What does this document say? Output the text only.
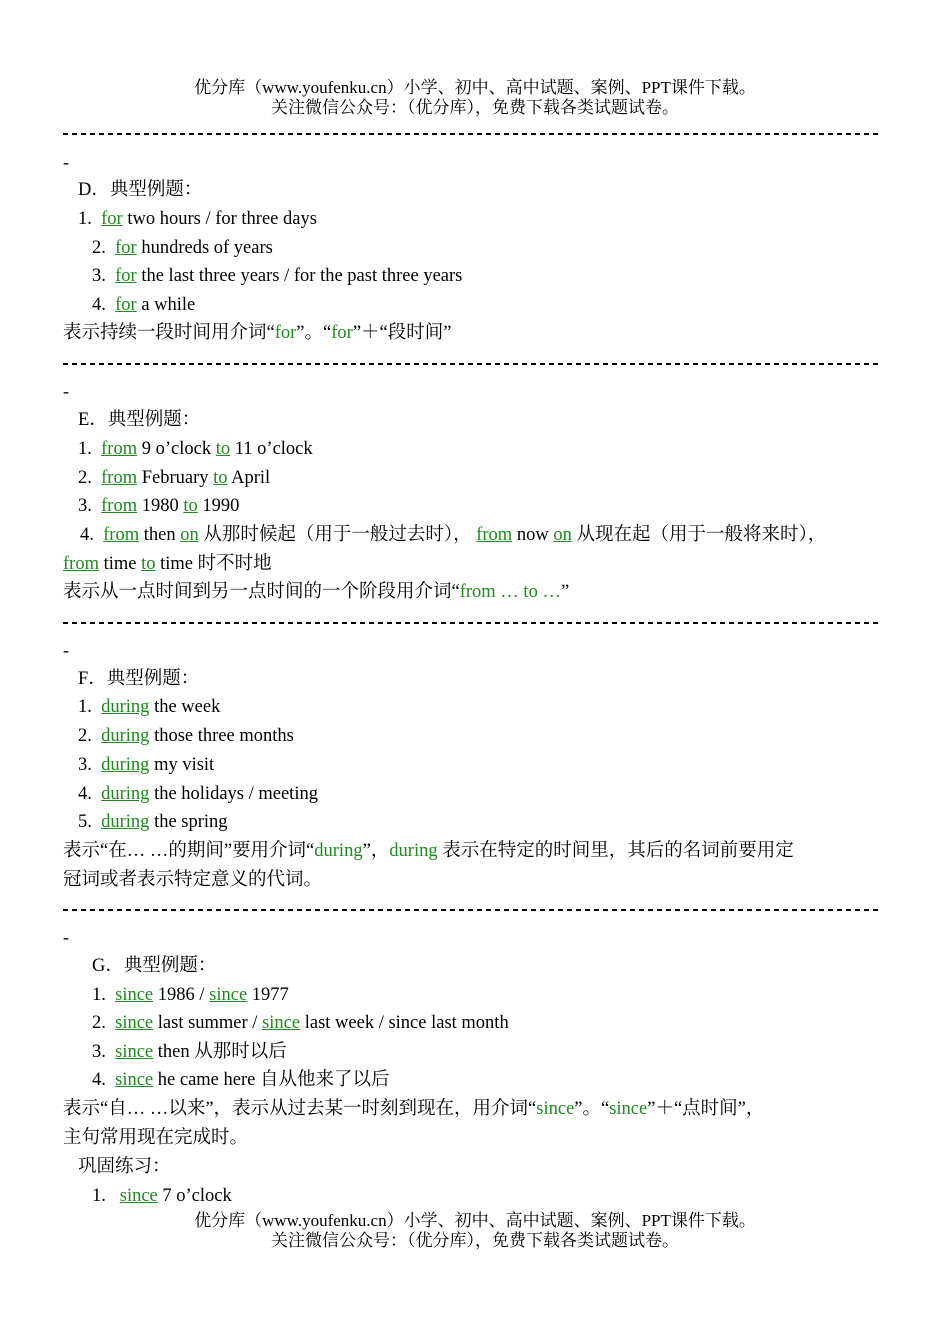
优分库（www.youfenku.cn）小学、初中、高中试题、案例、PPT课件下载。
关注微信公众号：（优分库），免费下载各类试题试卷。
-
D．典型例题：
1. for two hours / for three days
2. for hundreds of years
3. for the last three years / for the past three years
4. for a while
表示持续一段时间用介词“for”。“for”＋“段时间”
-
E．典型例题：
1. from 9 o’clock to 11 o’clock
2. from February to April
3. from 1980 to 1990
4. from then on 从那时候起（用于一般过去时）， from now on 从现在起（用于一般将来时），
from time to time 时不时地
表示从一点时间到另一点时间的一个阶段用介词“from … to …”
-
F．典型例题：
1. during the week
2. during those three months
3. during my visit
4. during the holidays / meeting
5. during the spring
表示“在… …的期间”要用介词“during”，during 表示在特定的时间里，其后的名词前要用定
冠词或者表示特定意义的代词。
-
G．典型例题：
1. since 1986 / since 1977
2. since last summer / since last week / since last month
3. since then 从那时以后
4. since he came here 自从他来了以后
表示“自… …以来”，表示从过去某一时刻到现在，用介词“since”。“since”＋“点时间”，
主句常用现在完成时。
巩固练习：
1. since 7 o’clock
优分库（www.youfenku.cn）小学、初中、高中试题、案例、PPT课件下载。
关注微信公众号：（优分库），免费下载各类试题试卷。
